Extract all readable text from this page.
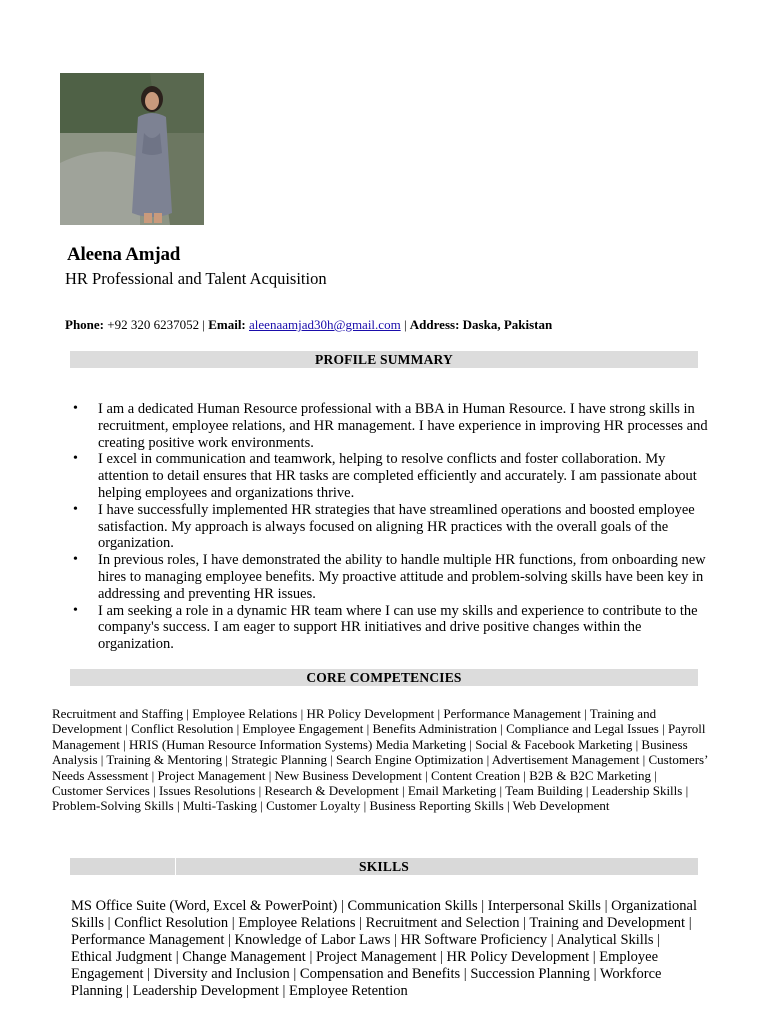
Aleena Amjad
HR Professional and Talent Acquisition
Phone: +92 320 6237052 | Email: aleenaamjad30h@gmail.com | Address: Daska, Pakistan
PROFILE SUMMARY
• I am a dedicated Human Resource professional with a BBA in Human Resource. I have strong skills in recruitment, employee relations, and HR management. I have experience in improving HR processes and creating positive work environments.
• I excel in communication and teamwork, helping to resolve conflicts and foster collaboration. My attention to detail ensures that HR tasks are completed efficiently and accurately. I am passionate about helping employees and organizations thrive.
• I have successfully implemented HR strategies that have streamlined operations and boosted employee satisfaction. My approach is always focused on aligning HR practices with the overall goals of the organization.
• In previous roles, I have demonstrated the ability to handle multiple HR functions, from onboarding new hires to managing employee benefits. My proactive attitude and problem-solving skills have been key in addressing and preventing HR issues.
• I am seeking a role in a dynamic HR team where I can use my skills and experience to contribute to the company's success. I am eager to support HR initiatives and drive positive changes within the organization.
CORE COMPETENCIES
Recruitment and Staffing | Employee Relations | HR Policy Development | Performance Management | Training and Development | Conflict Resolution | Employee Engagement | Benefits Administration | Compliance and Legal Issues | Payroll Management | HRIS (Human Resource Information Systems) Media Marketing | Social & Facebook Marketing | Business Analysis | Training & Mentoring | Strategic Planning | Search Engine Optimization | Advertisement Management | Customers’ Needs Assessment | Project Management | New Business Development | Content Creation | B2B & B2C Marketing | Customer Services | Issues Resolutions | Research & Development | Email Marketing | Team Building | Leadership Skills | Problem-Solving Skills | Multi-Tasking | Customer Loyalty | Business Reporting Skills | Web Development
SKILLS
MS Office Suite (Word, Excel & PowerPoint) | Communication Skills | Interpersonal Skills | Organizational Skills | Conflict Resolution | Employee Relations | Recruitment and Selection | Training and Development | Performance Management | Knowledge of Labor Laws | HR Software Proficiency | Analytical Skills | Ethical Judgment | Change Management | Project Management | HR Policy Development | Employee Engagement | Diversity and Inclusion | Compensation and Benefits | Succession Planning | Workforce Planning | Leadership Development | Employee Retention
